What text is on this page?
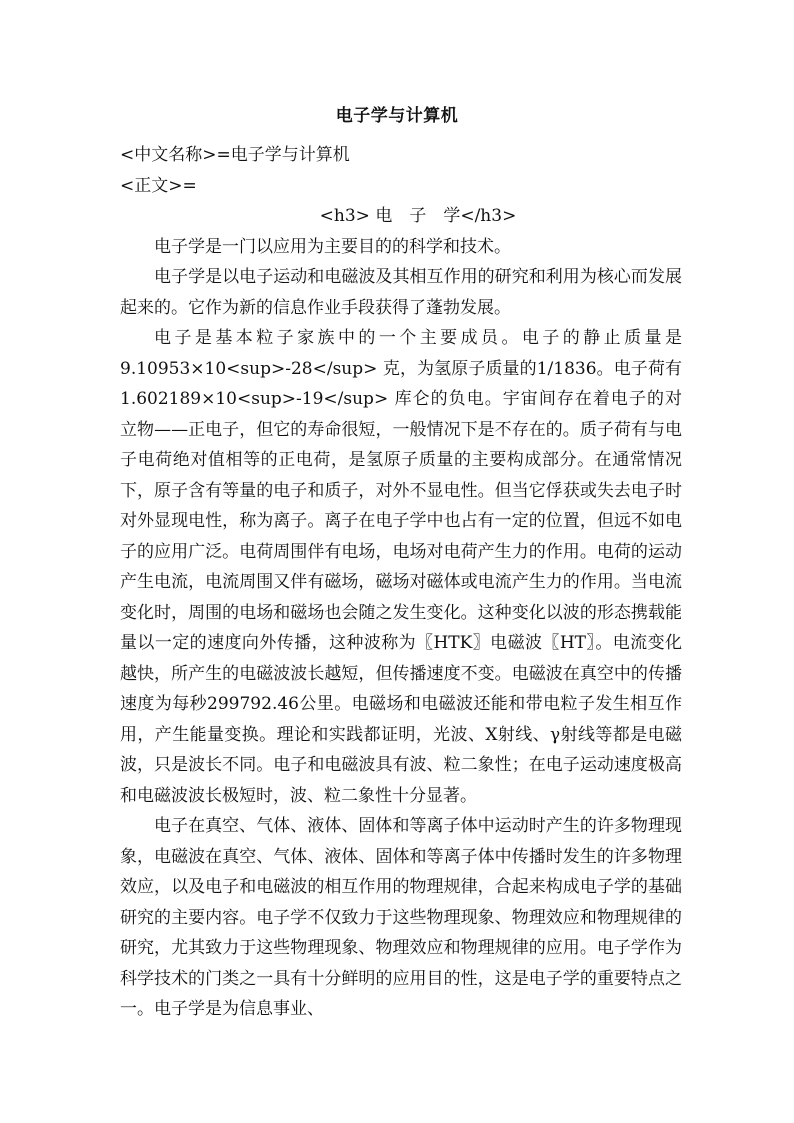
电子学与计算机
<中文名称>=电子学与计算机
<正文>=
<h3> 电　子　学</h3>
电子学是一门以应用为主要目的的科学和技术。
电子学是以电子运动和电磁波及其相互作用的研究和利用为核心而发展起来的。它作为新的信息作业手段获得了蓬勃发展。
电子是基本粒子家族中的一个主要成员。电子的静止质量是9.10953×10<sup>-28</sup> 克，为氢原子质量的1/1836。电子荷有1.602189×10<sup>-19</sup> 库仑的负电。宇宙间存在着电子的对立物——正电子，但它的寿命很短，一般情况下是不存在的。质子荷有与电子电荷绝对值相等的正电荷，是氢原子质量的主要构成部分。在通常情况下，原子含有等量的电子和质子，对外不显电性。但当它俘获或失去电子时对外显现电性，称为离子。离子在电子学中也占有一定的位置，但远不如电子的应用广泛。电荷周围伴有电场，电场对电荷产生力的作用。电荷的运动产生电流，电流周围又伴有磁场，磁场对磁体或电流产生力的作用。当电流变化时，周围的电场和磁场也会随之发生变化。这种变化以波的形态携载能量以一定的速度向外传播，这种波称为〖HTK〗电磁波〖HT〗。电流变化越快，所产生的电磁波波长越短，但传播速度不变。电磁波在真空中的传播速度为每秒299792.46公里。电磁场和电磁波还能和带电粒子发生相互作用，产生能量变换。理论和实践都证明，光波、X射线、γ射线等都是电磁波，只是波长不同。电子和电磁波具有波、粒二象性；在电子运动速度极高和电磁波波长极短时，波、粒二象性十分显著。
电子在真空、气体、液体、固体和等离子体中运动时产生的许多物理现象，电磁波在真空、气体、液体、固体和等离子体中传播时发生的许多物理效应，以及电子和电磁波的相互作用的物理规律，合起来构成电子学的基础研究的主要内容。电子学不仅致力于这些物理现象、物理效应和物理规律的研究，尤其致力于这些物理现象、物理效应和物理规律的应用。电子学作为科学技术的门类之一具有十分鲜明的应用目的性，这是电子学的重要特点之一。电子学是为信息事业、
